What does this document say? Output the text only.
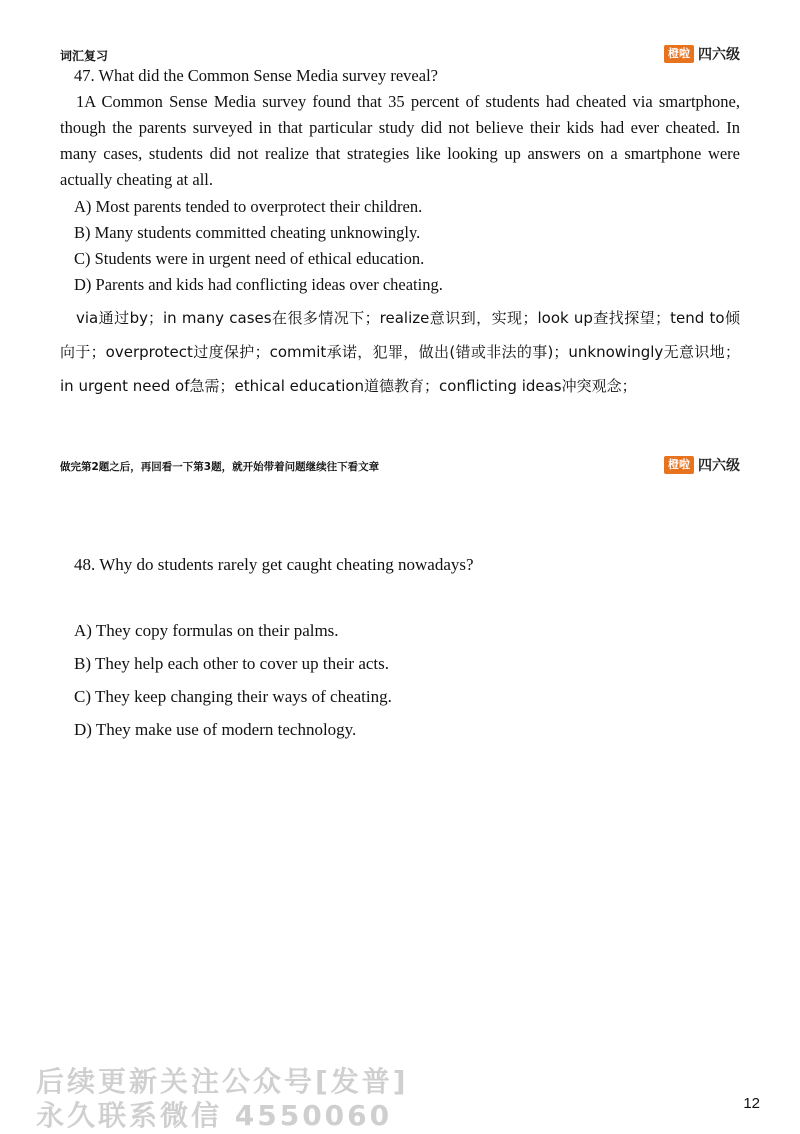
词汇复习	橙啦 四六级
47. What did the Common Sense Media survey reveal?
1A Common Sense Media survey found that 35 percent of students had cheated via smartphone, though the parents surveyed in that particular study did not believe their kids had ever cheated. In many cases, students did not realize that strategies like looking up answers on a smartphone were actually cheating at all.
A) Most parents tended to overprotect their children.
B) Many students committed cheating unknowingly.
C) Students were in urgent need of ethical education.
D) Parents and kids had conflicting ideas over cheating.
via通过by；in many cases在很多情况下；realize意识到，实现；look up查找探望；tend to倾向于；overprotect过度保护；commit承诺，犯罪，做出(错或非法的事)；unknowingly无意识地；in urgent need of急需；ethical education道德教育；conflicting ideas冲突观念；
做完第2题之后，再回看一下第3题，就开始带着问题继续往下看文章	橙啦 四六级
48. Why do students rarely get caught cheating nowadays?
A) They copy formulas on their palms.
B) They help each other to cover up their acts.
C) They keep changing their ways of cheating.
D) They make use of modern technology.
后续更新关注公众号[发普]
永久联系微信 4550060	12
